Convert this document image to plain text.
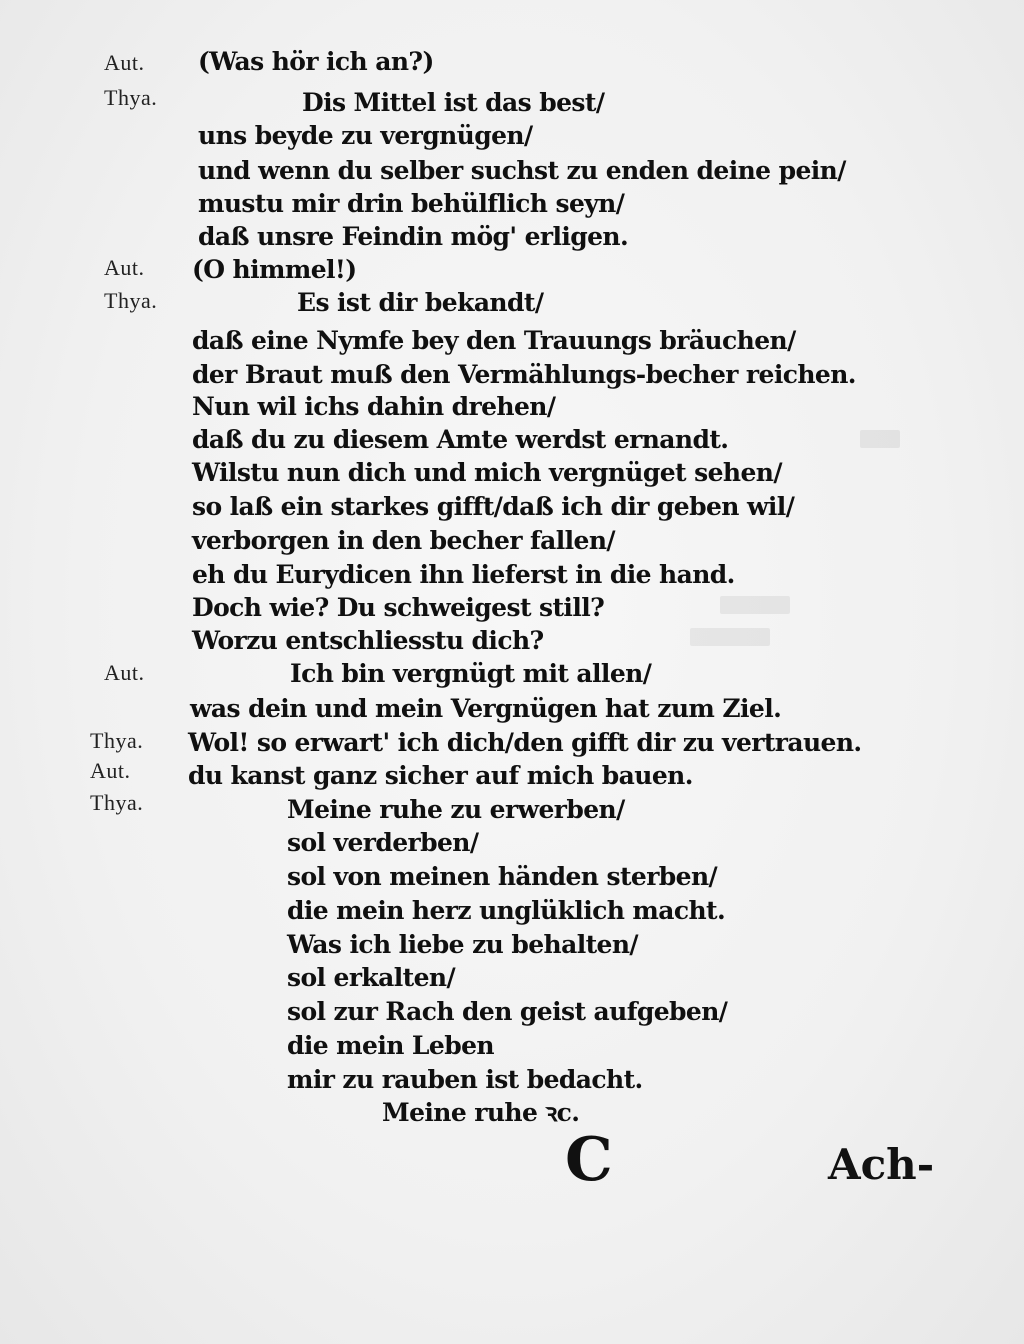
Aut.
Thya.
Aut.
Thya.
Aut.
Thya.
Aut.
Thya.
(Was hör ich an?)
Dis Mittel ist das best/
uns beyde zu vergnügen/
und wenn du selber suchst zu enden deine pein/
mustu mir drin behülflich seyn/
daß unsre Feindin mög' erligen.
(O himmel!)
Es ist dir bekandt/
daß eine Nymfe bey den Trauungs bräuchen/
der Braut muß den Vermählungs-becher reichen.
Nun wil ichs dahin drehen/
daß du zu diesem Amte werdst ernandt.
Wilstu nun dich und mich vergnüget sehen/
so laß ein starkes gifft/daß ich dir geben wil/
verborgen in den becher fallen/
eh du Eurydicen ihn lieferst in die hand.
Doch wie? Du schweigest still?
Worzu entschliesstu dich?
Ich bin vergnügt mit allen/
was dein und mein Vergnügen hat zum Ziel.
Wol! so erwart' ich dich/den gifft dir zu vertrauen.
du kanst ganz sicher auf mich bauen.
Meine ruhe zu erwerben/
sol verderben/
sol von meinen händen sterben/
die mein herz unglüklich macht.
Was ich liebe zu behalten/
sol erkalten/
sol zur Rach den geist aufgeben/
die mein Leben
mir zu rauben ist bedacht.
Meine ruhe ꝛc.
C	Ach-
